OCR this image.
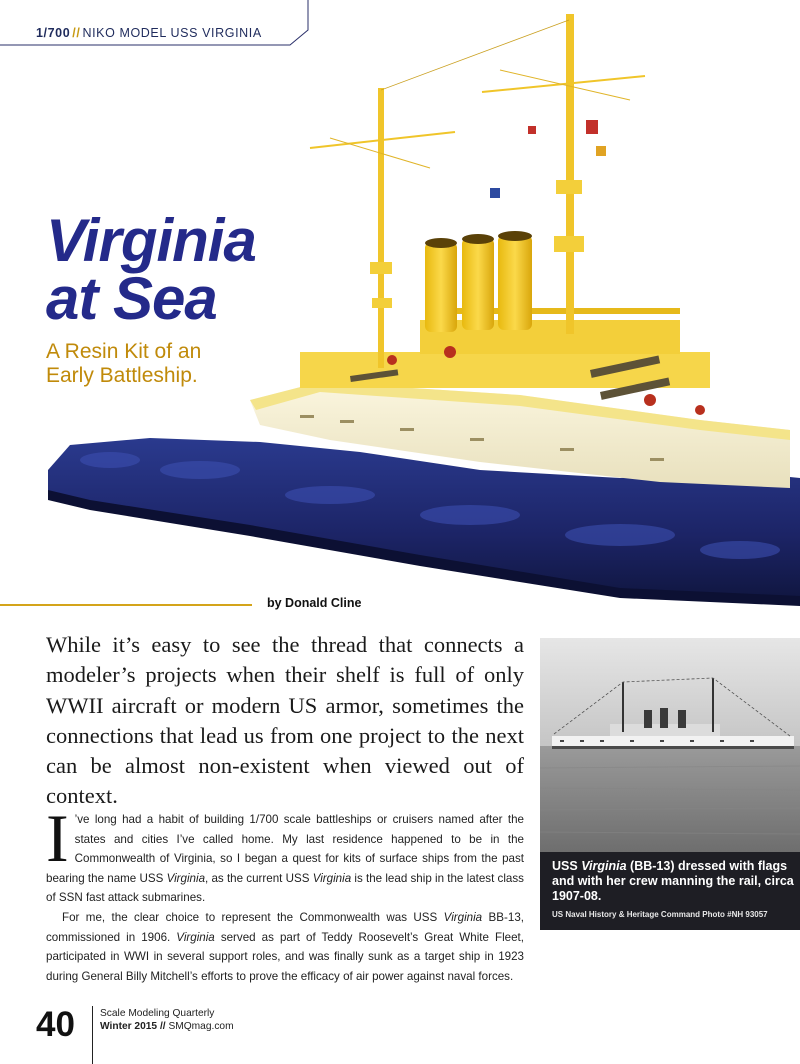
1/700 // NIKO MODEL USS VIRGINIA
Virginia
at Sea
A Resin Kit of an
Early Battleship.
by Donald Cline
While it’s easy to see the thread that connects a modeler’s projects when their shelf is full of only WWII aircraft or modern US armor, sometimes the connections that lead us from one project to the next can be almost non-existent when viewed out of context.

I ’ve long had a habit of building 1/700 scale battleships or cruisers named after the states and cities I’ve called home. My last residence happened to be in the Commonwealth of Virginia, so I began a quest for kits of surface ships from the past bearing the name USS Virginia, as the current USS Virginia is the lead ship in the latest class of SSN fast attack submarines.

For me, the clear choice to represent the Commonwealth was USS Virginia BB-13, commissioned in 1906. Virginia served as part of Teddy Roosevelt’s Great White Fleet, participated in WWI in several support roles, and was finally sunk as a target ship in 1923 during General Billy Mitchell’s efforts to prove the efficacy of air power against naval forces.

USS Virginia (BB-13) dressed with flags and with her crew manning the rail, circa 1907-08.
US Naval History & Heritage Command Photo #NH 93057
40 Scale Modeling Quarterly
Winter 2015 // SMQmag.com
